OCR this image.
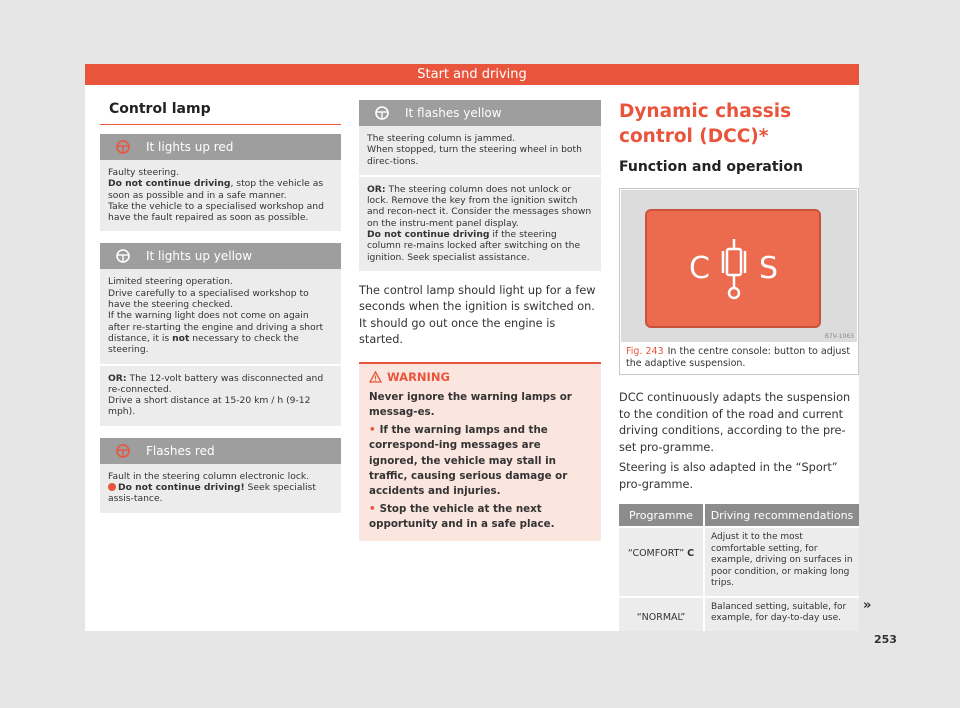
Start and driving
Control lamp
It lights up red
Faulty steering.
Do not continue driving, stop the vehicle as soon as possible and in a safe manner.
Take the vehicle to a specialised workshop and have the fault repaired as soon as possible.
It lights up yellow
Limited steering operation.
Drive carefully to a specialised workshop to have the steering checked.
If the warning light does not come on again after re-starting the engine and driving a short distance, it is not necessary to check the steering.
OR: The 12-volt battery was disconnected and re-connected.
Drive a short distance at 15-20 km / h (9-12 mph).
Flashes red
Fault in the steering column electronic lock.
Do not continue driving! Seek specialist assis-tance.
It flashes yellow
The steering column is jammed.
When stopped, turn the steering wheel in both direc-tions.
OR: The steering column does not unlock or lock. Remove the key from the ignition switch and recon-nect it. Consider the messages shown on the instru-ment panel display.
Do not continue driving if the steering column re-mains locked after switching on the ignition. Seek specialist assistance.
The control lamp should light up for a few seconds when the ignition is switched on. It should go out once the engine is started.
WARNING
Never ignore the warning lamps or messag-es.
• If the warning lamps and the correspond-ing messages are ignored, the vehicle may stall in traffic, causing serious damage or accidents and injuries.
• Stop the vehicle at the next opportunity and in a safe place.
Dynamic chassis control (DCC)*
Function and operation
C S
B7V-1063
Fig. 243 In the centre console: button to adjust the adaptive suspension.
DCC continuously adapts the suspension to the condition of the road and current driving conditions, according to the pre-set pro-gramme.
Steering is also adapted in the “Sport” pro-gramme.
Programme	Driving recommendations
“COMFORT” C	Adjust it to the most comfortable setting, for example, driving on surfaces in poor condition, or making long trips.
“NORMAL”	Balanced setting, suitable, for example, for day-to-day use.
»
253
